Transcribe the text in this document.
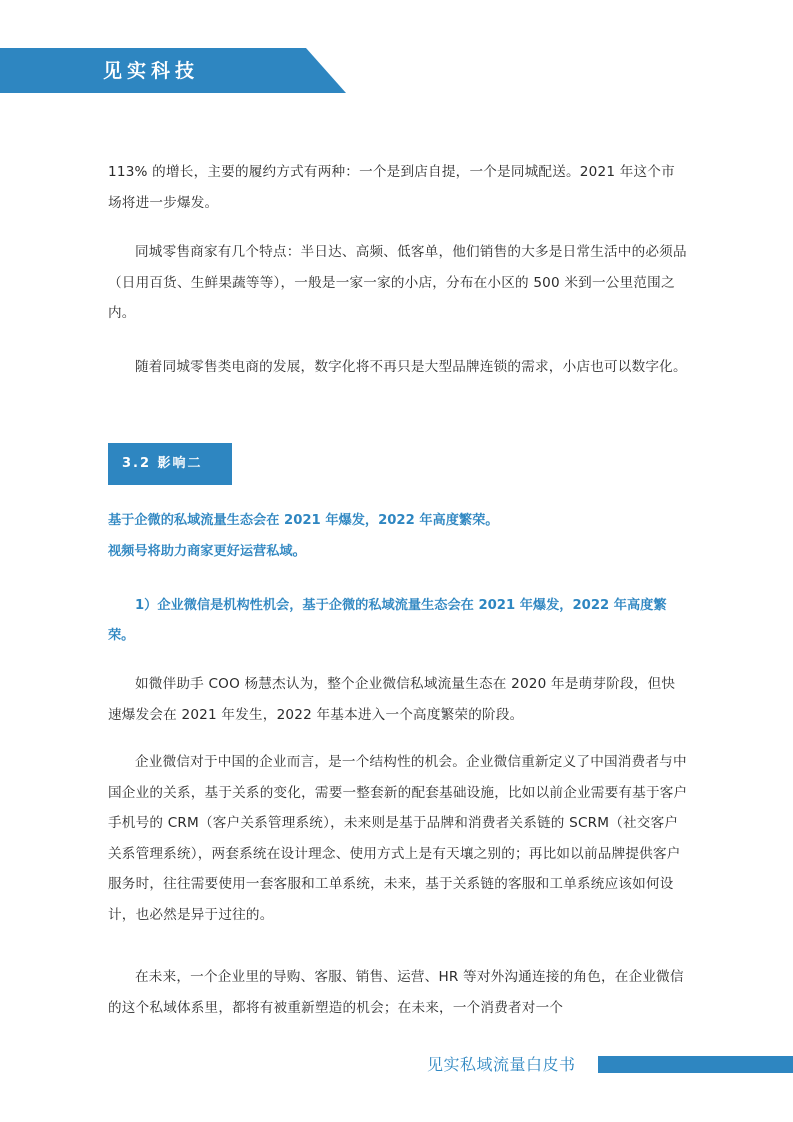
见实科技

113% 的增长，主要的履约方式有两种：一个是到店自提，一个是同城配送。2021 年这个市场将进一步爆发。

同城零售商家有几个特点：半日达、高频、低客单，他们销售的大多是日常生活中的必须品（日用百货、生鲜果蔬等等），一般是一家一家的小店，分布在小区的 500 米到一公里范围之内。

随着同城零售类电商的发展，数字化将不再只是大型品牌连锁的需求，小店也可以数字化。

3.2 影响二

基于企微的私域流量生态会在 2021 年爆发，2022 年高度繁荣。

视频号将助力商家更好运营私域。

1）企业微信是机构性机会，基于企微的私域流量生态会在 2021 年爆发，2022 年高度繁荣。

如微伴助手 COO 杨慧杰认为，整个企业微信私域流量生态在 2020 年是萌芽阶段，但快速爆发会在 2021 年发生，2022 年基本进入一个高度繁荣的阶段。

企业微信对于中国的企业而言，是一个结构性的机会。企业微信重新定义了中国消费者与中国企业的关系，基于关系的变化，需要一整套新的配套基础设施，比如以前企业需要有基于客户手机号的 CRM（客户关系管理系统），未来则是基于品牌和消费者关系链的 SCRM（社交客户关系管理系统），两套系统在设计理念、使用方式上是有天壤之别的；再比如以前品牌提供客户服务时，往往需要使用一套客服和工单系统，未来，基于关系链的客服和工单系统应该如何设计，也必然是异于过往的。

在未来，一个企业里的导购、客服、销售、运营、HR 等对外沟通连接的角色，在企业微信的这个私域体系里，都将有被重新塑造的机会；在未来，一个消费者对一个

见实私域流量白皮书
